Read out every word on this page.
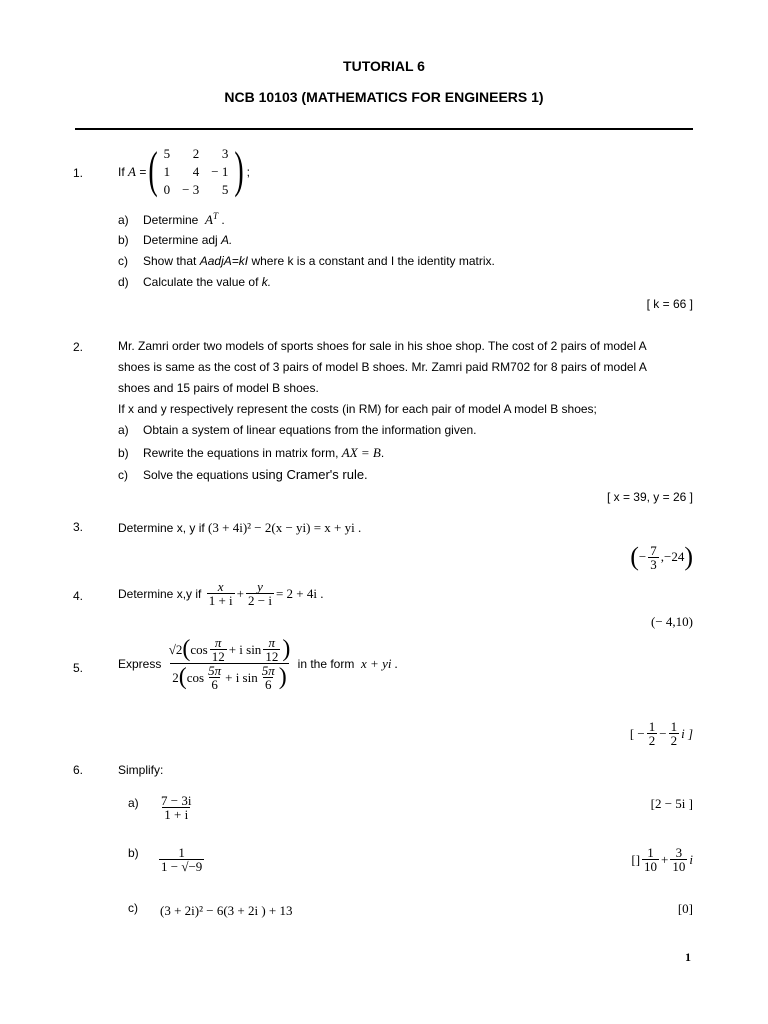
TUTORIAL 6
NCB 10103 (MATHEMATICS FOR ENGINEERS 1)
1.	If
A
= ( 5	2	3
1	4	− 1
0	− 3	5 ) ;
a) Determine $A^T$ .
b) Determine adj A.
c) Show that AadjA=kI where k is a constant and I the identity matrix.
d) Calculate the value of k.
[ k = 66 ]
2.	Mr. Zamri order two models of sports shoes for sale in his shoe shop. The cost of 2 pairs of model A
shoes is same as the cost of 3 pairs of model B shoes. Mr. Zamri paid RM702 for 8 pairs of model A
shoes and 15 pairs of model B shoes.
If x and y respectively represent the costs (in RM) for each pair of model A model B shoes;
a) Obtain a system of linear equations from the information given.
b) Rewrite the equations in matrix form, AX = B.
c) Solve the equations using Cramer's rule.
[ x = 39, y = 26 ]
3.	Determine x, y if (3 + 4i)² − 2(x − yi) = x + yi .
( − $\frac{7}{3} ,-24$ )
4.	Determine x,y if
$\frac{x}{1 + i} + \frac{y}{2 - i} = 2 + 4i$ .
(− 4,10)
5.	Express

√2 ( $\cos \frac{\pi}{12} + i$ $\sin \frac{\pi}{12}$ )
2 ( $\cos \frac{5\pi}{6} + i$ $\sin \frac{5\pi}{6}$ )

in the form
x + yi .
[ − $\frac{1}{2} - \frac{1}{2}$ i ]
6.	Simplify:
$a) \frac{7 - 3i}{1 + i}$	[2 − 5i ]
$b) \frac{1}{1 - √-9}$	[] $\frac{1}{10} + \frac{3}{10}$ i
c) (3 + 2i)² − 6(3 + 2i ) + 13	[0]
1
